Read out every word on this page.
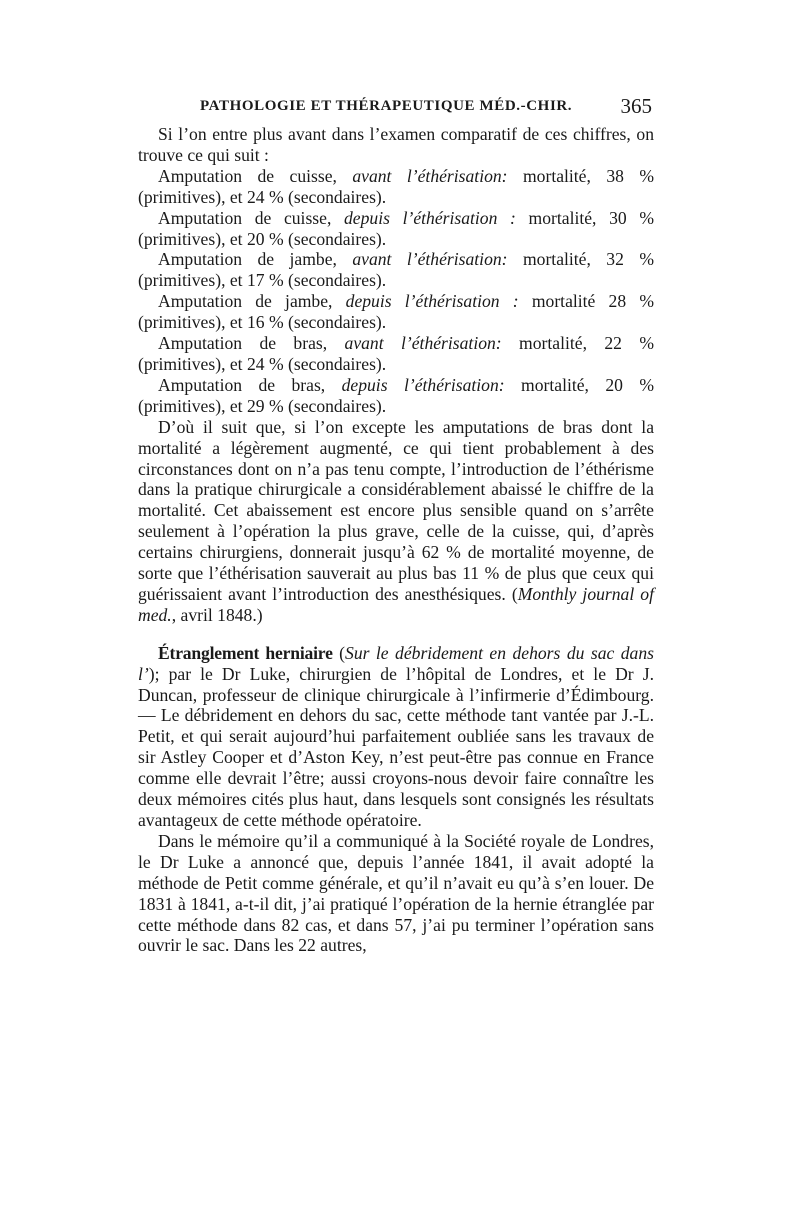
PATHOLOGIE ET THÉRAPEUTIQUE MÉD.-CHIR. 365

Si l’on entre plus avant dans l’examen comparatif de ces chiffres, on trouve ce qui suit :

Amputation de cuisse, avant l’éthérisation: mortalité, 38 % (primitives), et 24 % (secondaires).

Amputation de cuisse, depuis l’éthérisation : mortalité, 30 % (primitives), et 20 % (secondaires).

Amputation de jambe, avant l’éthérisation: mortalité, 32 % (primitives), et 17 % (secondaires).

Amputation de jambe, depuis l’éthérisation : mortalité 28 % (primitives), et 16 % (secondaires).

Amputation de bras, avant l’éthérisation: mortalité, 22 % (primitives), et 24 % (secondaires).

Amputation de bras, depuis l’éthérisation: mortalité, 20 % (primitives), et 29 % (secondaires).

D’où il suit que, si l’on excepte les amputations de bras dont la mortalité a légèrement augmenté, ce qui tient probablement à des circonstances dont on n’a pas tenu compte, l’introduction de l’éthérisme dans la pratique chirurgicale a considérablement abaissé le chiffre de la mortalité. Cet abaissement est encore plus sensible quand on s’arrête seulement à l’opération la plus grave, celle de la cuisse, qui, d’après certains chirurgiens, donnerait jusqu’à 62 % de mortalité moyenne, de sorte que l’éthérisation sauverait au plus bas 11 % de plus que ceux qui guérissaient avant l’introduction des anesthésiques. (Monthly journal of med., avril 1848.)

Étranglement herniaire (Sur le débridement en dehors du sac dans l’); par le Dr Luke, chirurgien de l’hôpital de Londres, et le Dr J. Duncan, professeur de clinique chirurgicale à l’infirmerie d’Édimbourg. — Le débridement en dehors du sac, cette méthode tant vantée par J.-L. Petit, et qui serait aujourd’hui parfaitement oubliée sans les travaux de sir Astley Cooper et d’Aston Key, n’est peut-être pas connue en France comme elle devrait l’être; aussi croyons-nous devoir faire connaître les deux mémoires cités plus haut, dans lesquels sont consignés les résultats avantageux de cette méthode opératoire.

Dans le mémoire qu’il a communiqué à la Société royale de Londres, le Dr Luke a annoncé que, depuis l’année 1841, il avait adopté la méthode de Petit comme générale, et qu’il n’avait eu qu’à s’en louer. De 1831 à 1841, a-t-il dit, j’ai pratiqué l’opération de la hernie étranglée par cette méthode dans 82 cas, et dans 57, j’ai pu terminer l’opération sans ouvrir le sac. Dans les 22 autres,
